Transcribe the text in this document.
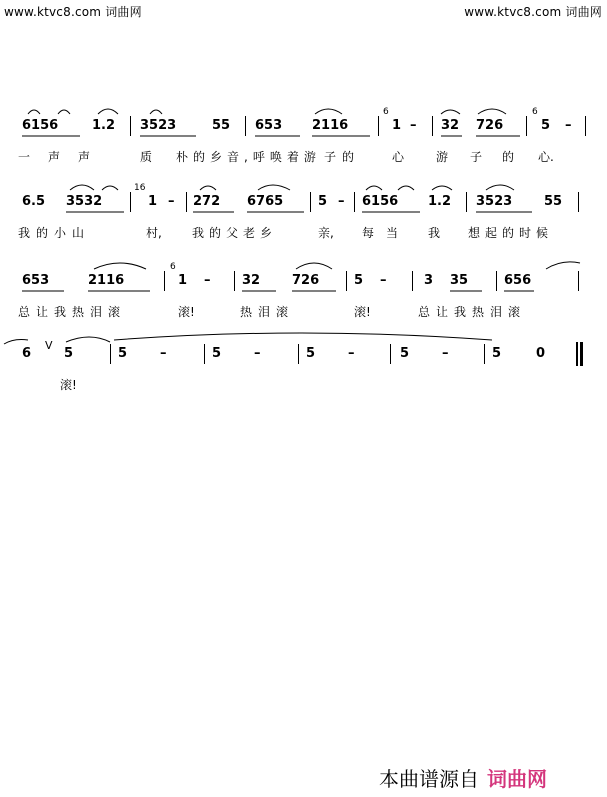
www.ktvc8.com 词曲网	www.ktvc8.com 词曲网
6156	1.2 3523	55 653 2116
6
1 – 32 726
6
5 –
一 声 声	质 朴的乡音,呼唤着游 子的	心	游 子 的 心.
6.5 3532
16
1 – 272 6765	5 – 6156 1.2 3523 55
我的小山	村,	我的父老乡	亲, 每当 我 想起的时候
653	2116
6
1 – 32 726	5 –	3 35	656
总让我热泪滚	滚!	热泪滚	滚!	总让我热泪滚
6
V
5	5	–	5	–	5	–	5	–	5	0
滚!
本曲谱源自 词曲网
